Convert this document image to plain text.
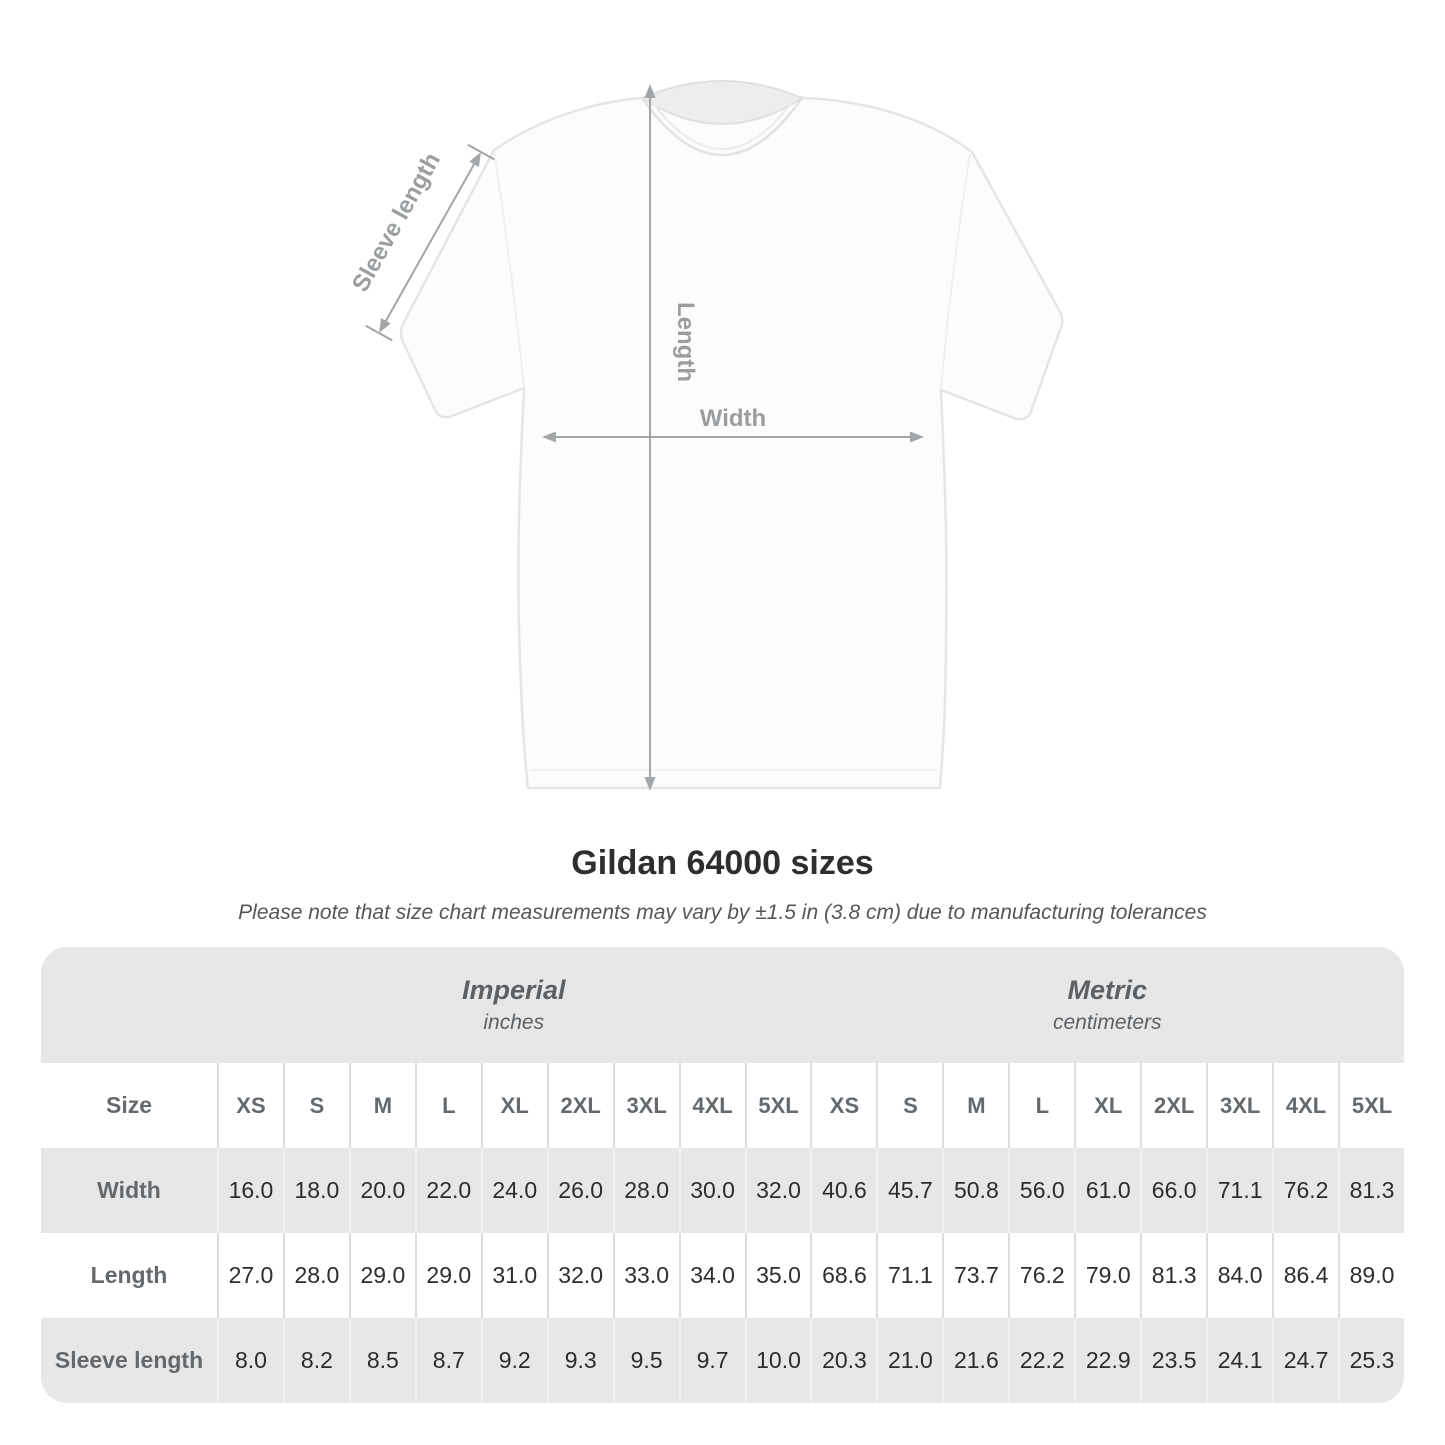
Length
Width
Sleeve length
Gildan 64000 sizes
Please note that size chart measurements may vary by ±1.5 in (3.8 cm) due to manufacturing tolerances
Imperial
inches
Metric
centimeters
Size	XS	S	M	L	XL	2XL	3XL	4XL	5XL	XS	S	M	L	XL	2XL	3XL	4XL	5XL
Width	16.0 18.0 20.0 22.0 24.0 26.0 28.0 30.0 32.0 40.6 45.7 50.8 56.0 61.0 66.0 71.1 76.2 81.3
Length	27.0 28.0 29.0 29.0 31.0 32.0 33.0 34.0 35.0 68.6 71.1 73.7 76.2 79.0 81.3 84.0 86.4 89.0
Sleeve length	8.0	8.2	8.5	8.7	9.2	9.3	9.5	9.7	10.0 20.3 21.0 21.6 22.2 22.9 23.5 24.1 24.7 25.3
